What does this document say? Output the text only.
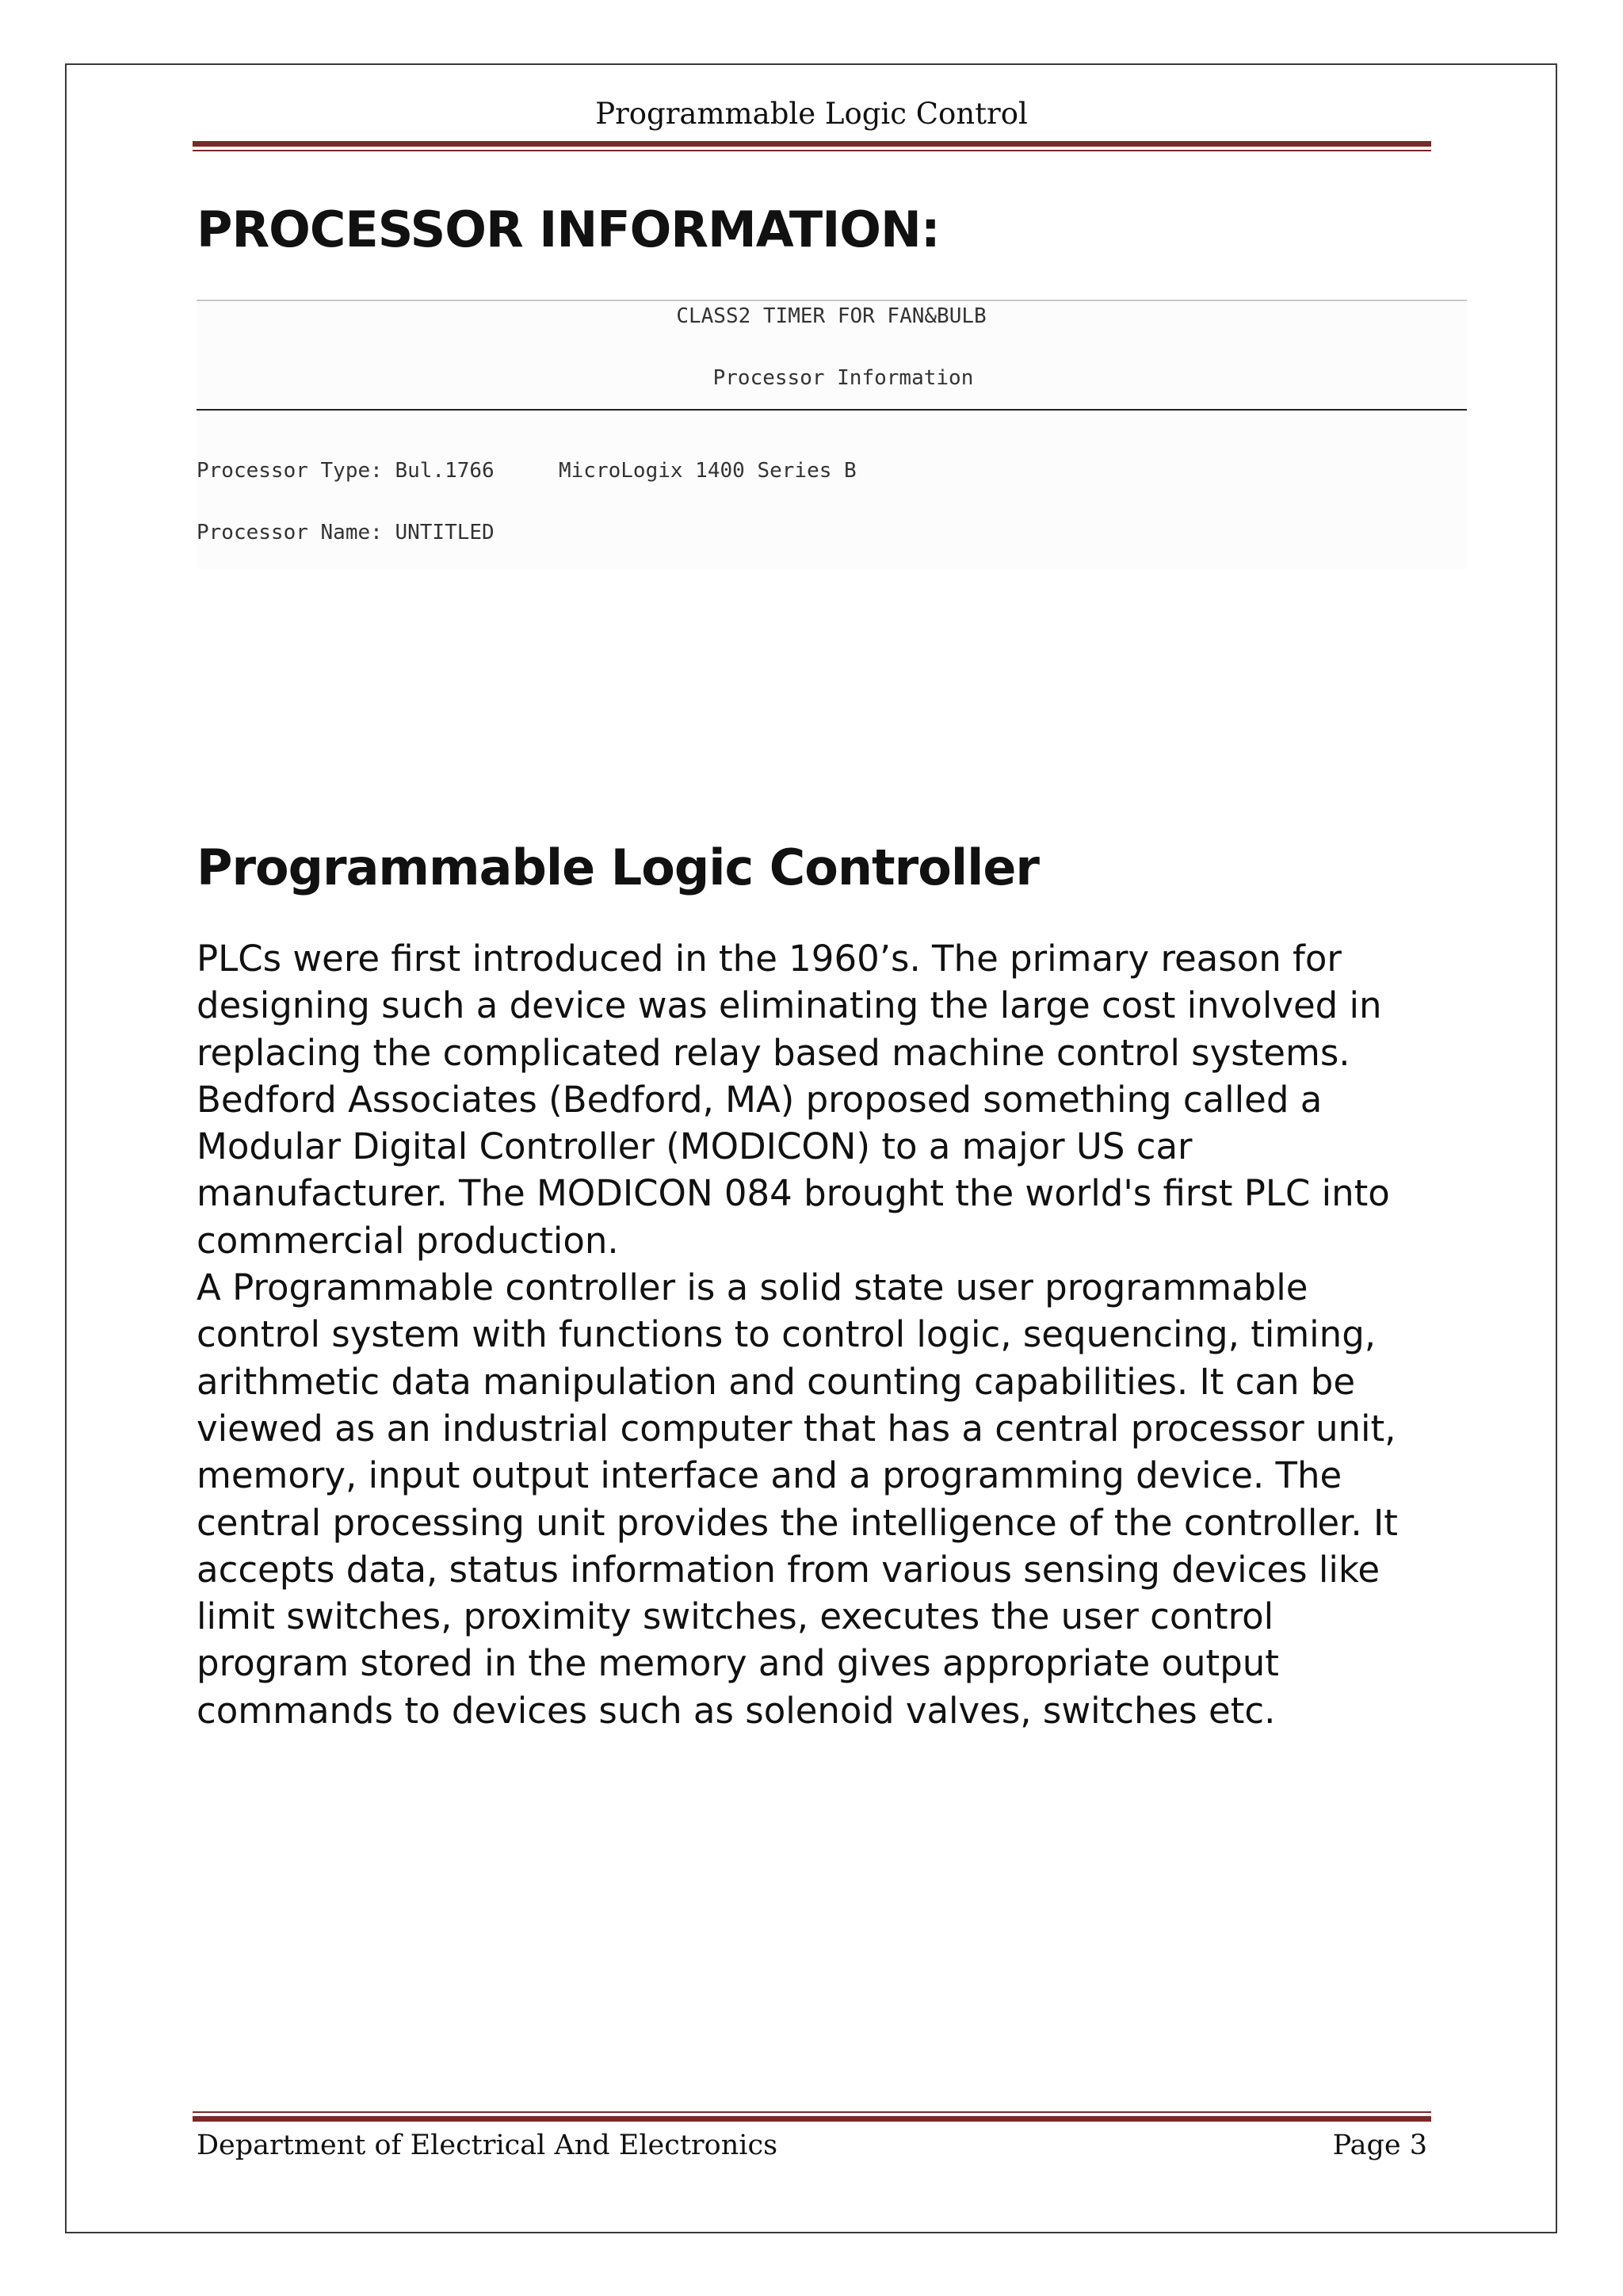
Programmable Logic Control
PROCESSOR INFORMATION:
CLASS2 TIMER FOR FAN&BULB
Processor Information
Processor Type: Bul.1766	MicroLogix 1400 Series B
Processor Name: UNTITLED
Programmable Logic Controller
PLCs were first introduced in the 1960’s. The primary reason for
designing such a device was eliminating the large cost involved in
replacing the complicated relay based machine control systems.
Bedford Associates (Bedford, MA) proposed something called a
Modular Digital Controller (MODICON) to a major US car
manufacturer. The MODICON 084 brought the world's first PLC into
commercial production.
A Programmable controller is a solid state user programmable
control system with functions to control logic, sequencing, timing,
arithmetic data manipulation and counting capabilities. It can be
viewed as an industrial computer that has a central processor unit,
memory, input output interface and a programming device. The
central processing unit provides the intelligence of the controller. It
accepts data, status information from various sensing devices like
limit switches, proximity switches, executes the user control
program stored in the memory and gives appropriate output
commands to devices such as solenoid valves, switches etc.
Department of Electrical And Electronics	Page 3
